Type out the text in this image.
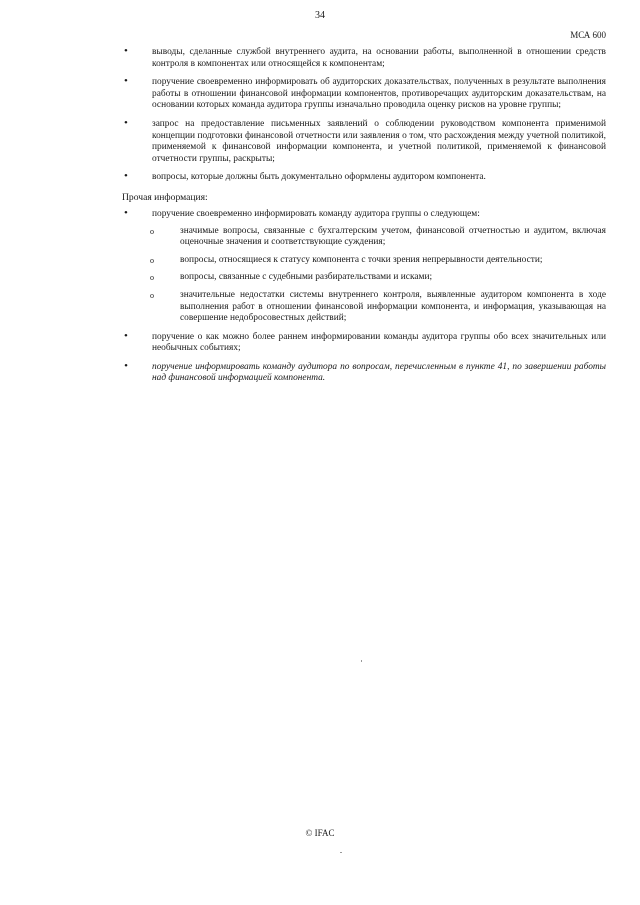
34
МСА 600
•	выводы, сделанные службой внутреннего аудита, на основании работы, выполненной в отношении средств контроля в компонентах или относящейся к компонентам;
•	поручение своевременно информировать об аудиторских доказательствах, полученных в результате выполнения работы в отношении финансовой информации компонентов, противоречащих аудиторским доказательствам, на основании которых команда аудитора группы изначально проводила оценку рисков на уровне группы;
•	запрос на предоставление письменных заявлений о соблюдении руководством компонента применимой концепции подготовки финансовой отчетности или заявления о том, что расхождения между учетной политикой, применяемой к финансовой информации компонента, и учетной политикой, применяемой к финансовой отчетности группы, раскрыты;
•	вопросы, которые должны быть документально оформлены аудитором компонента.
Прочая информация:
•	поручение своевременно информировать команду аудитора группы о следующем:
o	значимые вопросы, связанные с бухгалтерским учетом, финансовой отчетностью и аудитом, включая оценочные значения и соответствующие суждения;
o	вопросы, относящиеся к статусу компонента с точки зрения непрерывности деятельности;
o	вопросы, связанные с судебными разбирательствами и исками;
o	значительные недостатки системы внутреннего контроля, выявленные аудитором компонента в ходе выполнения работ в отношении финансовой информации компонента, и информация, указывающая на совершение недобросовестных действий;
•	поручение о как можно более раннем информировании команды аудитора группы обо всех значительных или необычных событиях;
•	поручение информировать команду аудитора по вопросам, перечисленным в пункте 41, по завершении работы над финансовой информацией компонента.
© IFAC
